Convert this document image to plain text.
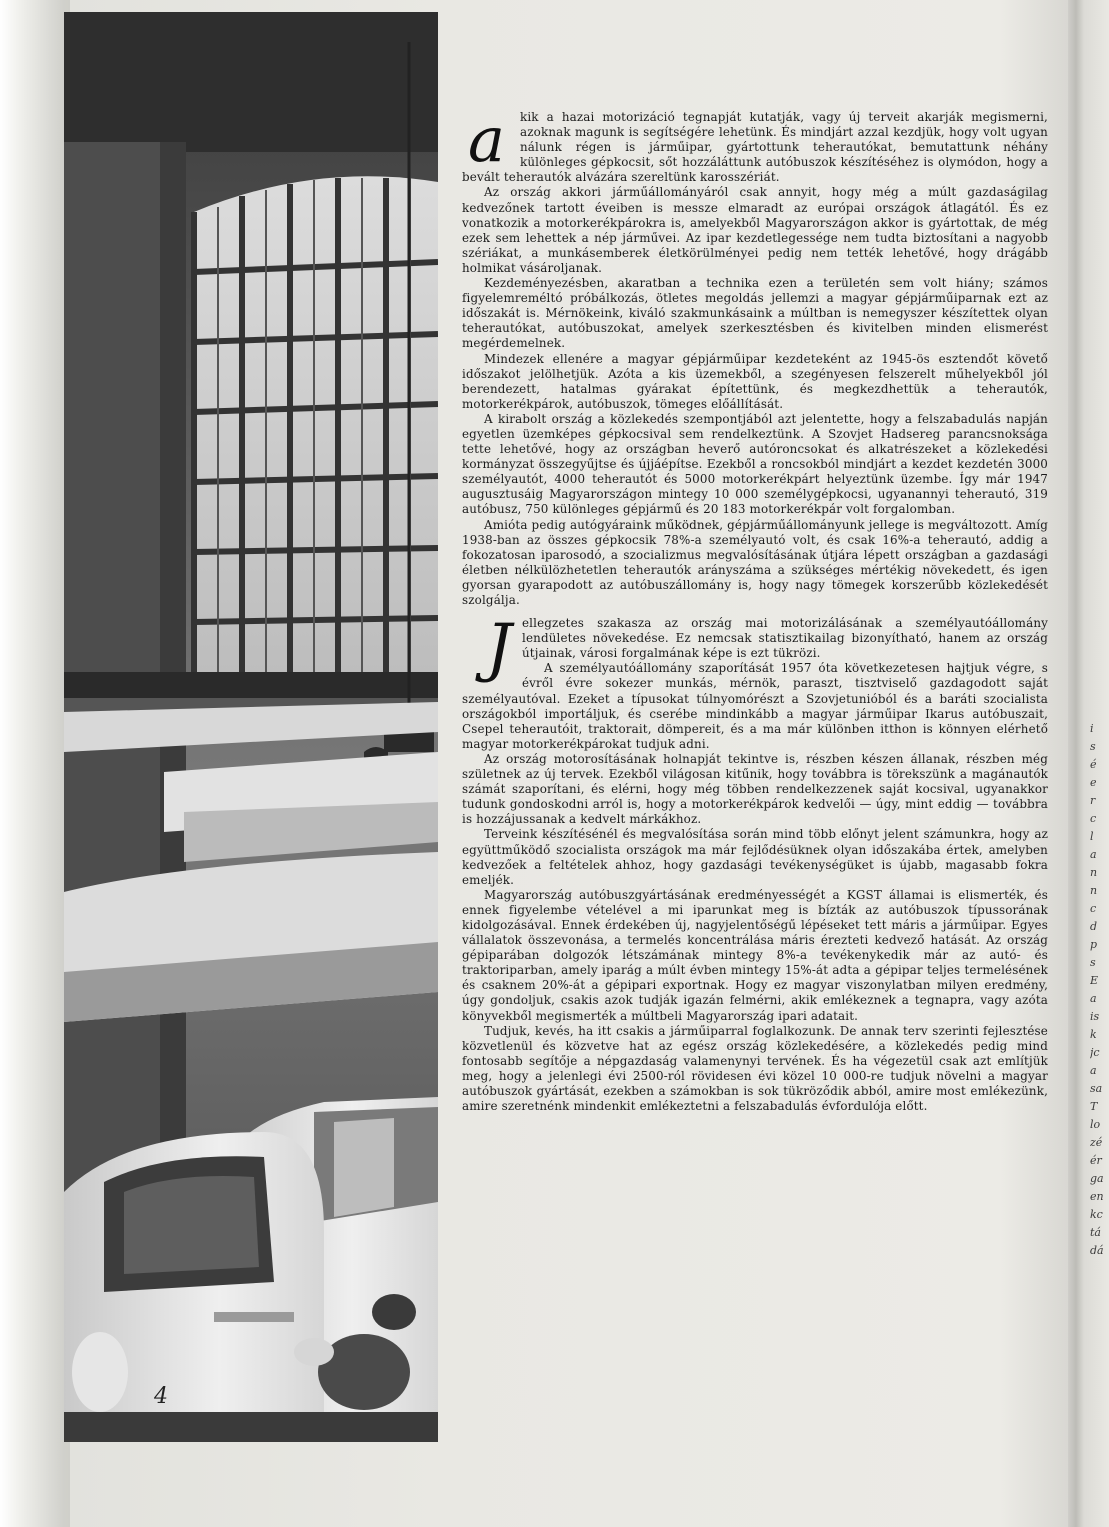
a	kik a hazai motorizáció tegnapját kutatják, vagy új terveit akarják megismerni, azoknak magunk is segítségére lehetünk. És mindjárt azzal kezdjük, hogy volt ugyan nálunk régen is járműipar, gyártottunk teherautókat, bemutattunk néhány különleges gépkocsit, sőt hozzáláttunk autóbuszok készítéséhez is olymódon, hogy a bevált teherautók alvázára szereltünk karosszériát.

Az ország akkori járműállományáról csak annyit, hogy még a múlt gazdaságilag kedvezőnek tartott éveiben is messze elmaradt az európai országok átlagától. És ez vonatkozik a motorkerékpárokra is, amelyekből Magyarországon akkor is gyártottak, de még ezek sem lehettek a nép járművei. Az ipar kezdetlegessége nem tudta biztosítani a nagyobb szériákat, a munkásemberek életkörülményei pedig nem tették lehetővé, hogy drágább holmikat vásároljanak.

Kezdeményezésben, akaratban a technika ezen a területén sem volt hiány; számos figyelemreméltó próbálkozás, ötletes megoldás jellemzi a magyar gépjárműiparnak ezt az időszakát is. Mérnökeink, kiváló szakmunkásaink a múltban is nemegyszer készítettek olyan teherautókat, autóbuszokat, amelyek szerkesztésben és kivitelben minden elismerést megérdemelnek.

Mindezek ellenére a magyar gépjárműipar kezdeteként az 1945-ös esztendőt követő időszakot jelölhetjük. Azóta a kis üzemekből, a szegényesen felszerelt műhelyekből jól berendezett, hatalmas gyárakat építettünk, és megkezdhettük a teherautók, motorkerékpárok, autóbuszok, tömeges előállítását.

A kirabolt ország a közlekedés szempontjából azt jelentette, hogy a felszabadulás napján egyetlen üzemképes gépkocsival sem rendelkeztünk. A Szovjet Hadsereg parancsnoksága tette lehetővé, hogy az országban heverő autóroncsokat és alkatrészeket a közlekedési kormányzat összegyűjtse és újjáépítse. Ezekből a roncsokból mindjárt a kezdet kezdetén 3000 személyautót, 4000 teherautót és 5000 motorkerékpárt helyeztünk üzembe. Így már 1947 augusztusáig Magyarországon mintegy 10 000 személygépkocsi, ugyanannyi teherautó, 319 autóbusz, 750 különleges gépjármű és 20 183 motorkerékpár volt forgalomban.

Amióta pedig autógyáraink működnek, gépjárműállományunk jellege is megváltozott. Amíg 1938-ban az összes gépkocsik 78%-a személyautó volt, és csak 16%-a teherautó, addig a fokozatosan iparosodó, a szocializmus megvalósításának útjára lépett országban a gazdasági életben nélkülözhetetlen teherautók arányszáma a szükséges mértékig növekedett, és igen gyorsan gyarapodott az autóbuszállomány is, hogy nagy tömegek korszerűbb közlekedését szolgálja.

Jellegzetes szakasza az ország mai motorizálásának a személyautóállomány lendületes növekedése. Ez nemcsak statisztikailag bizonyítható, hanem az ország útjainak, városi forgalmának képe is ezt tükrözi.

A személyautóállomány szaporítását 1957 óta következetesen hajtjuk végre, s évről évre sokezer munkás, mérnök, paraszt, tisztviselő gazdagodott saját személyautóval. Ezeket a típusokat túlnyomórészt a Szovjetunióból és a baráti szocialista országokból importáljuk, és cserébe mindinkább a magyar járműipar Ikarus autóbuszait, Csepel teherautóit, traktorait, dömpereit, és a ma már különben itthon is könnyen elérhető magyar motorkerékpárokat tudjuk adni.

Az ország motorosításának holnapját tekintve is, részben készen állanak, részben még születnek az új tervek. Ezekből világosan kitűnik, hogy továbbra is törekszünk a magánautók számát szaporítani, és elérni, hogy még többen rendelkezzenek saját kocsival, ugyanakkor tudunk gondoskodni arról is, hogy a motorkerékpárok kedvelői — úgy, mint eddig — továbbra is hozzájussanak a kedvelt márkákhoz.

Terveink készítésénél és megvalósítása során mind több előnyt jelent számunkra, hogy az együttműködő szocialista országok ma már fejlődésüknek olyan időszakába értek, amelyben kedvezőek a feltételek ahhoz, hogy gazdasági tevékenységüket is újabb, magasabb fokra emeljék.

Magyarország autóbuszgyártásának eredményességét a KGST államai is elismerték, és ennek figyelembe vételével a mi iparunkat meg is bízták az autóbuszok típussorának kidolgozásával. Ennek érdekében új, nagyjelentőségű lépéseket tett máris a járműipar. Egyes vállalatok összevonása, a termelés koncentrálása máris érezteti kedvező hatását. Az ország gépiparában dolgozók létszámának mintegy 8%-a tevékenykedik már az autó- és traktoriparban, amely iparág a múlt évben mintegy 15%-át adta a gépipar teljes termelésének és csaknem 20%-át a gépipari exportnak. Hogy ez magyar viszonylatban milyen eredmény, úgy gondoljuk, csakis azok tudják igazán felmérni, akik emlékeznek a tegnapra, vagy azóta könyvekből megismerték a múltbeli Magyarország ipari adatait.

Tudjuk, kevés, ha itt csakis a járműiparral foglalkozunk. De annak terv szerinti fejlesztése közvetlenül és közvetve hat az egész ország közlekedésére, a közlekedés pedig mind fontosabb segítője a népgazdaság valamenynyi tervének. És ha végezetül csak azt említjük meg, hogy a jelenlegi évi 2500-ról rövidesen évi közel 10 000-re tudjuk növelni a magyar autóbuszok gyártását, ezekben a számokban is sok tükröződik abból, amire most emlékezünk, amire szeretnénk mindenkit emlékeztetni a felszabadulás évfordulója előtt.

4
i
s
é
e
r
c
l
a
n
n
c
d
p
s
E
a
is
k
jc
a
sa
T
lo
zé
ér
ga
en
kc
tá
dá
